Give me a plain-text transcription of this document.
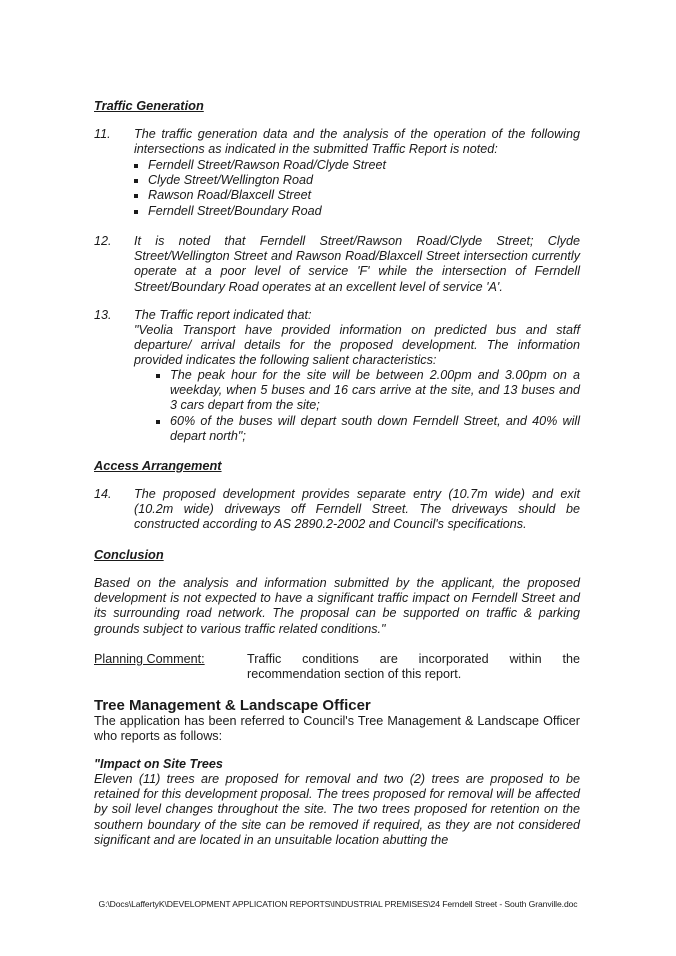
Traffic Generation
11. The traffic generation data and the analysis of the operation of the following intersections as indicated in the submitted Traffic Report is noted:
Ferndell Street/Rawson Road/Clyde Street
Clyde Street/Wellington Road
Rawson Road/Blaxcell Street
Ferndell Street/Boundary Road
12. It is noted that Ferndell Street/Rawson Road/Clyde Street; Clyde Street/Wellington Street and Rawson Road/Blaxcell Street intersection currently operate at a poor level of service 'F' while the intersection of Ferndell Street/Boundary Road operates at an excellent level of service 'A'.
13. The Traffic report indicated that:
"Veolia Transport have provided information on predicted bus and staff departure/ arrival details for the proposed development. The information provided indicates the following salient characteristics:
The peak hour for the site will be between 2.00pm and 3.00pm on a weekday, when 5 buses and 16 cars arrive at the site, and 13 buses and 3 cars depart from the site;
60% of the buses will depart south down Ferndell Street, and 40% will depart north";
Access Arrangement
14. The proposed development provides separate entry (10.7m wide) and exit (10.2m wide) driveways off Ferndell Street. The driveways should be constructed according to AS 2890.2-2002 and Council's specifications.
Conclusion
Based on the analysis and information submitted by the applicant, the proposed development is not expected to have a significant traffic impact on Ferndell Street and its surrounding road network. The proposal can be supported on traffic & parking grounds subject to various traffic related conditions."
Planning Comment:	Traffic conditions are incorporated within the recommendation section of this report.
Tree Management & Landscape Officer
The application has been referred to Council's Tree Management & Landscape Officer who reports as follows:
"Impact on Site Trees
Eleven (11) trees are proposed for removal and two (2) trees are proposed to be retained for this development proposal. The trees proposed for removal will be affected by soil level changes throughout the site. The two trees proposed for retention on the southern boundary of the site can be removed if required, as they are not considered significant and are located in an unsuitable location abutting the
G:\Docs\LaffertyK\DEVELOPMENT APPLICATION REPORTS\INDUSTRIAL PREMISES\24 Ferndell Street - South Granville.doc
